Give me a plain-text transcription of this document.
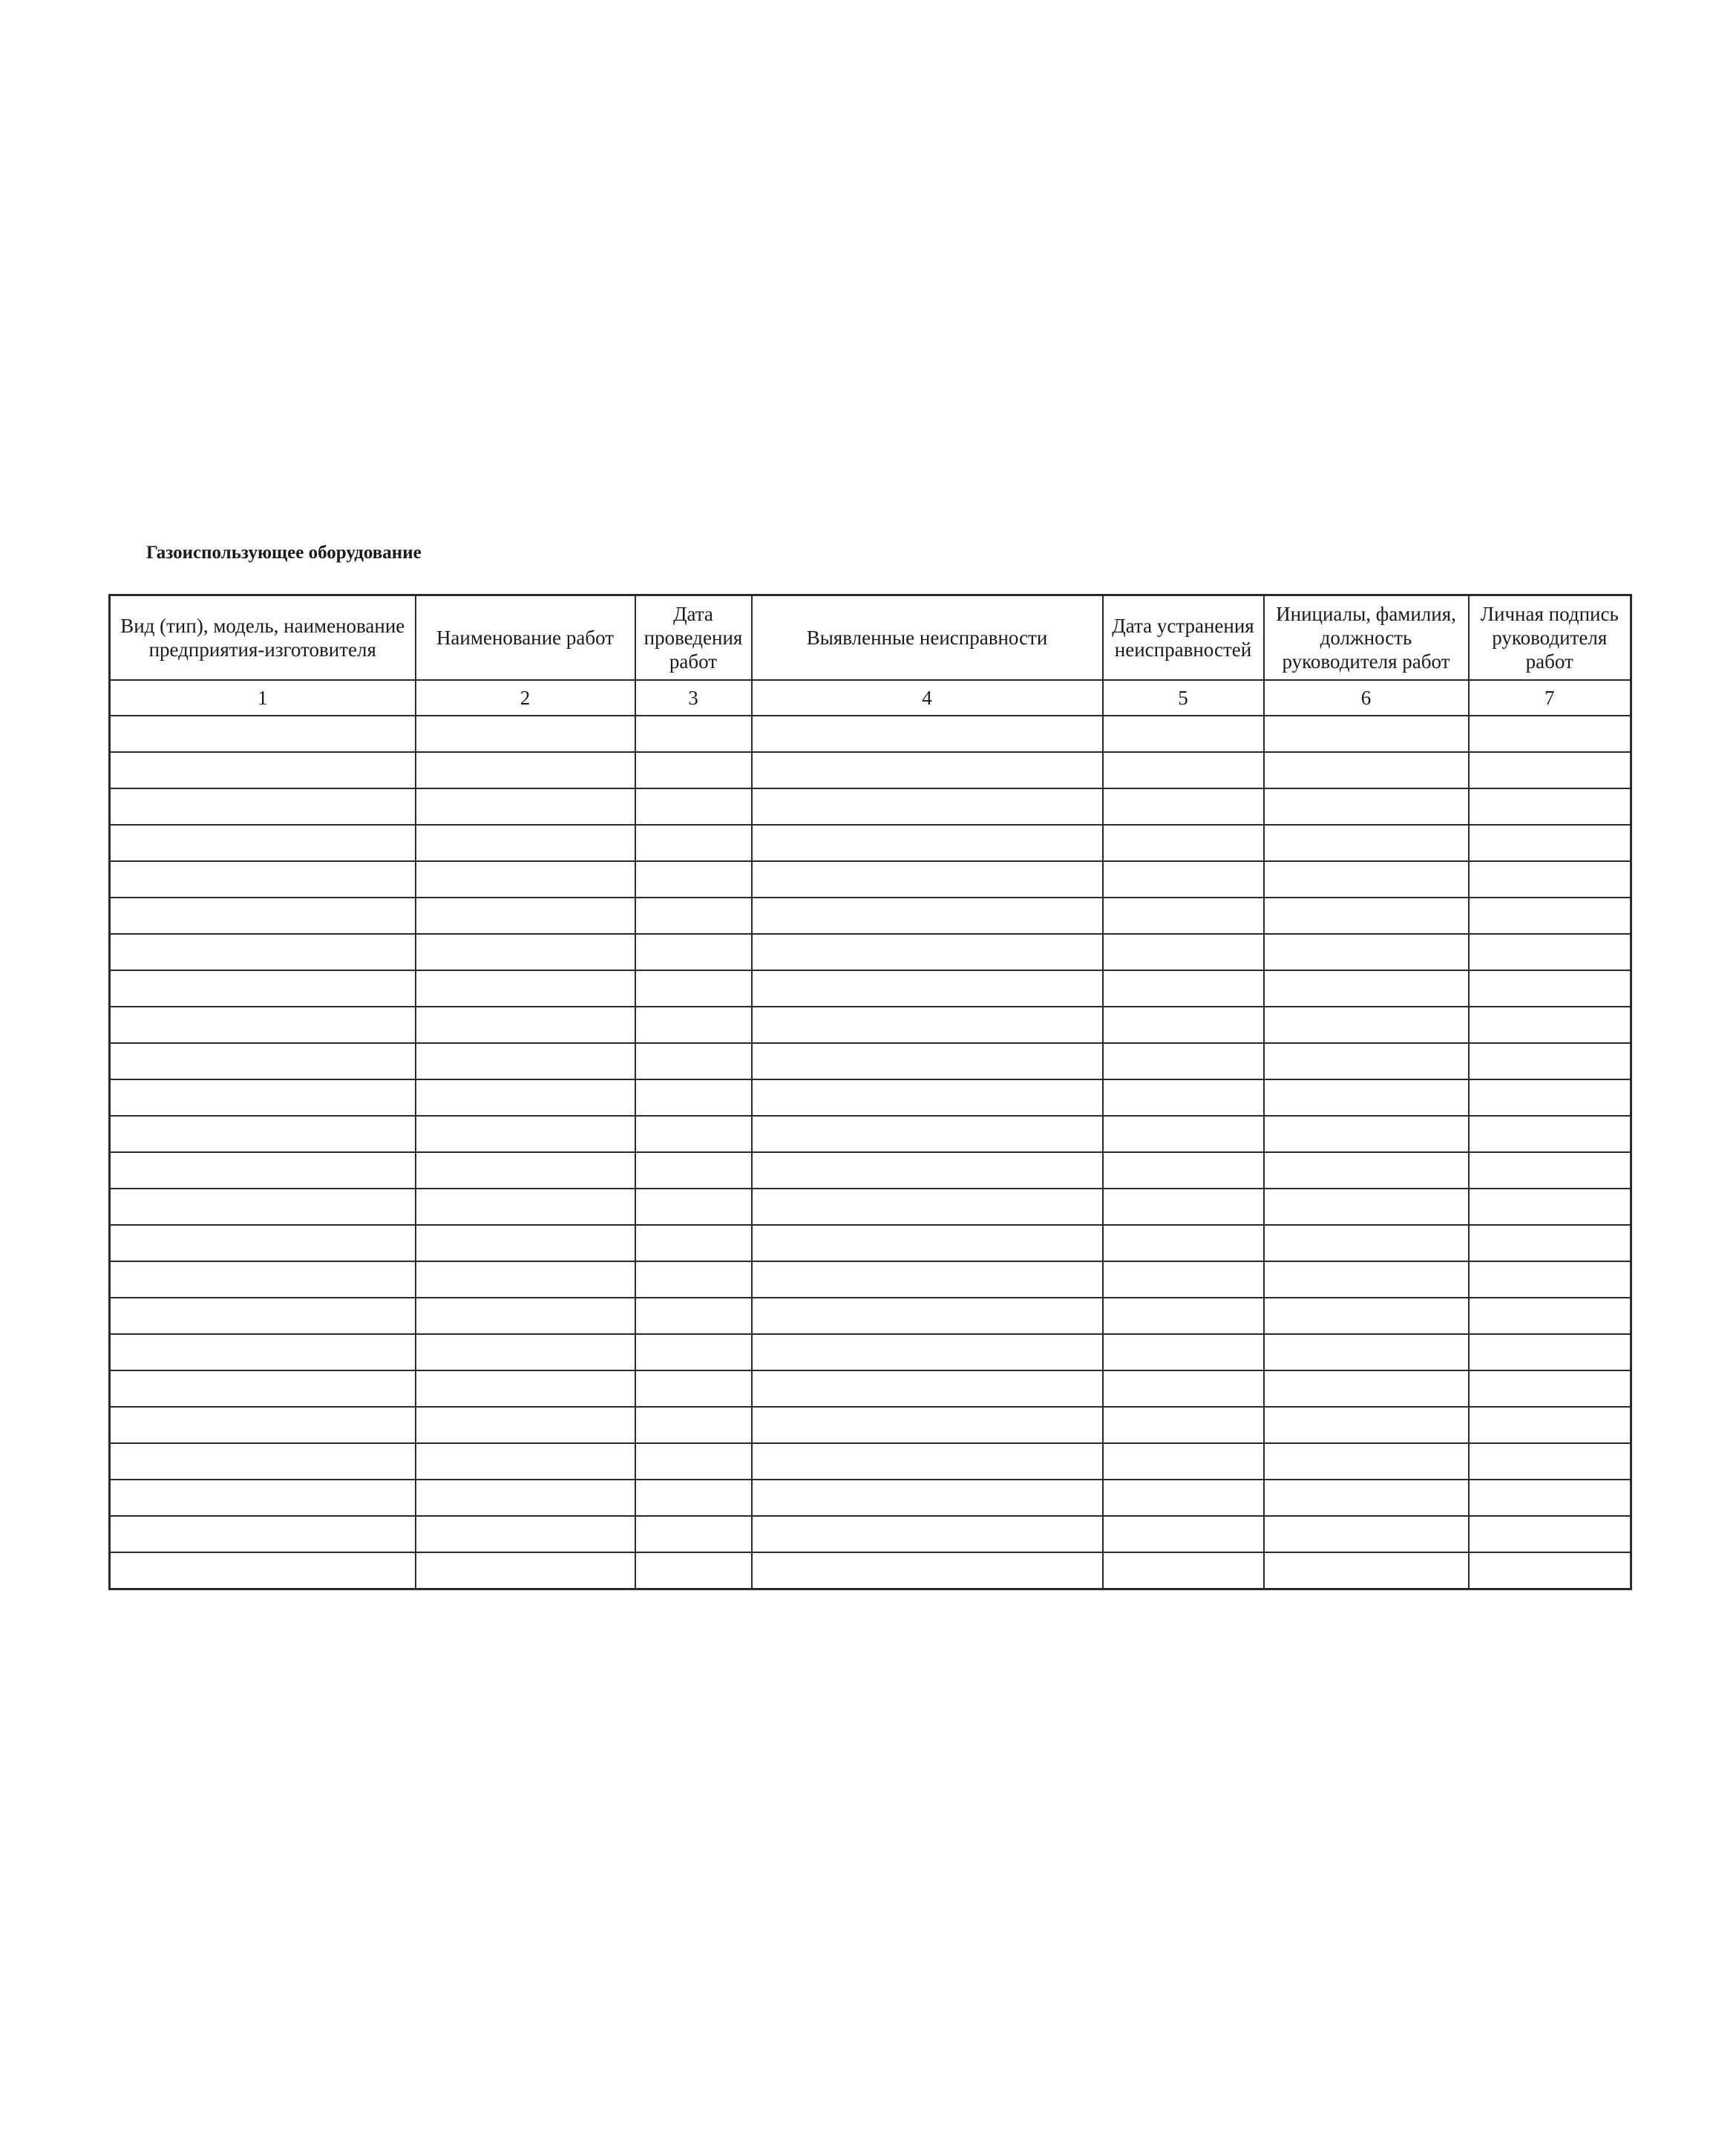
Газоиспользующее оборудование
Вид (тип), модель, наименование предприятия-изготовителя	Наименование работ	Дата проведения работ	Выявленные неисправности	Дата устранения неисправностей	Инициалы, фамилия, должность руководителя работ	Личная подпись руководителя работ
1	2	3	4	5	6	7
